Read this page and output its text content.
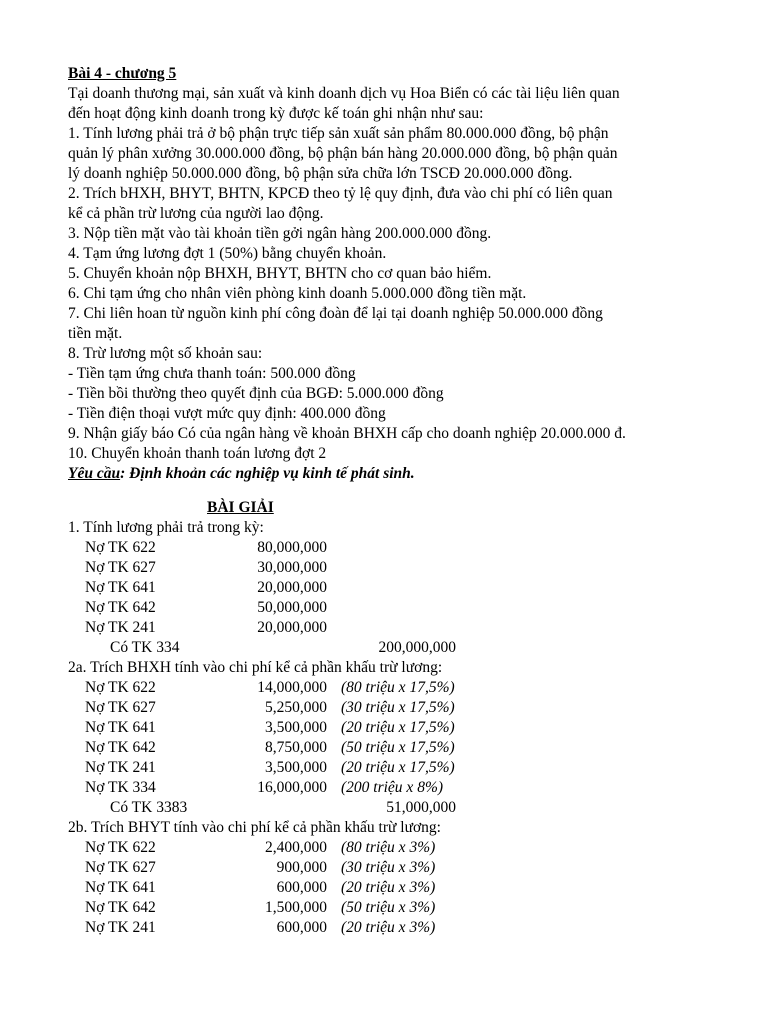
Bài 4 - chương 5
Tại doanh thương mại, sản xuất và kinh doanh dịch vụ Hoa Biển có các tài liệu liên quan
đến hoạt động kinh doanh trong kỳ được kế toán ghi nhận như sau:
1. Tính lương phải trả ở bộ phận trực tiếp sản xuất sản phẩm 80.000.000 đồng, bộ phận
quản lý phân xưởng 30.000.000 đồng, bộ phận bán hàng 20.000.000 đồng, bộ phận quản
lý doanh nghiệp 50.000.000 đồng, bộ phận sửa chữa lớn TSCĐ 20.000.000 đồng.
2. Trích bHXH, BHYT, BHTN, KPCĐ theo tỷ lệ quy định, đưa vào chi phí có liên quan
kể cả phần trừ lương của người lao động.
3. Nộp tiền mặt vào tài khoản tiền gởi ngân hàng 200.000.000 đồng.
4. Tạm ứng lương đợt 1 (50%) bằng chuyển khoản.
5. Chuyển khoản nộp BHXH, BHYT, BHTN cho cơ quan bảo hiểm.
6. Chi tạm ứng cho nhân viên phòng kinh doanh 5.000.000 đồng tiền mặt.
7. Chi liên hoan từ nguồn kinh phí công đoàn để lại tại doanh nghiệp 50.000.000 đồng
tiền mặt.
8. Trừ lương một số khoản sau:
- Tiền tạm ứng chưa thanh toán: 500.000 đồng
- Tiền bồi thường theo quyết định của BGĐ: 5.000.000 đồng
- Tiền điện thoại vượt mức quy định: 400.000 đồng
9. Nhận giấy báo Có của ngân hàng về khoản BHXH cấp cho doanh nghiệp 20.000.000 đ.
10. Chuyển khoản thanh toán lương đợt 2
Yêu cầu: Định khoản các nghiệp vụ kinh tế phát sinh.
BÀI GIẢI
1. Tính lương phải trả trong kỳ:
Nợ TK 622	80,000,000
Nợ TK 627	30,000,000
Nợ TK 641	20,000,000
Nợ TK 642	50,000,000
Nợ TK 241	20,000,000
Có TK 334	200,000,000
2a. Trích BHXH tính vào chi phí kể cả phần khấu trừ lương:
Nợ TK 622	14,000,000 (80 triệu x 17,5%)
Nợ TK 627	5,250,000 (30 triệu x 17,5%)
Nợ TK 641	3,500,000 (20 triệu x 17,5%)
Nợ TK 642	8,750,000 (50 triệu x 17,5%)
Nợ TK 241	3,500,000 (20 triệu x 17,5%)
Nợ TK 334	16,000,000 (200 triệu x 8%)
Có TK 3383	51,000,000
2b. Trích BHYT tính vào chi phí kể cả phần khấu trừ lương:
Nợ TK 622	2,400,000 (80 triệu x 3%)
Nợ TK 627	900,000 (30 triệu x 3%)
Nợ TK 641	600,000 (20 triệu x 3%)
Nợ TK 642	1,500,000 (50 triệu x 3%)
Nợ TK 241	600,000 (20 triệu x 3%)
